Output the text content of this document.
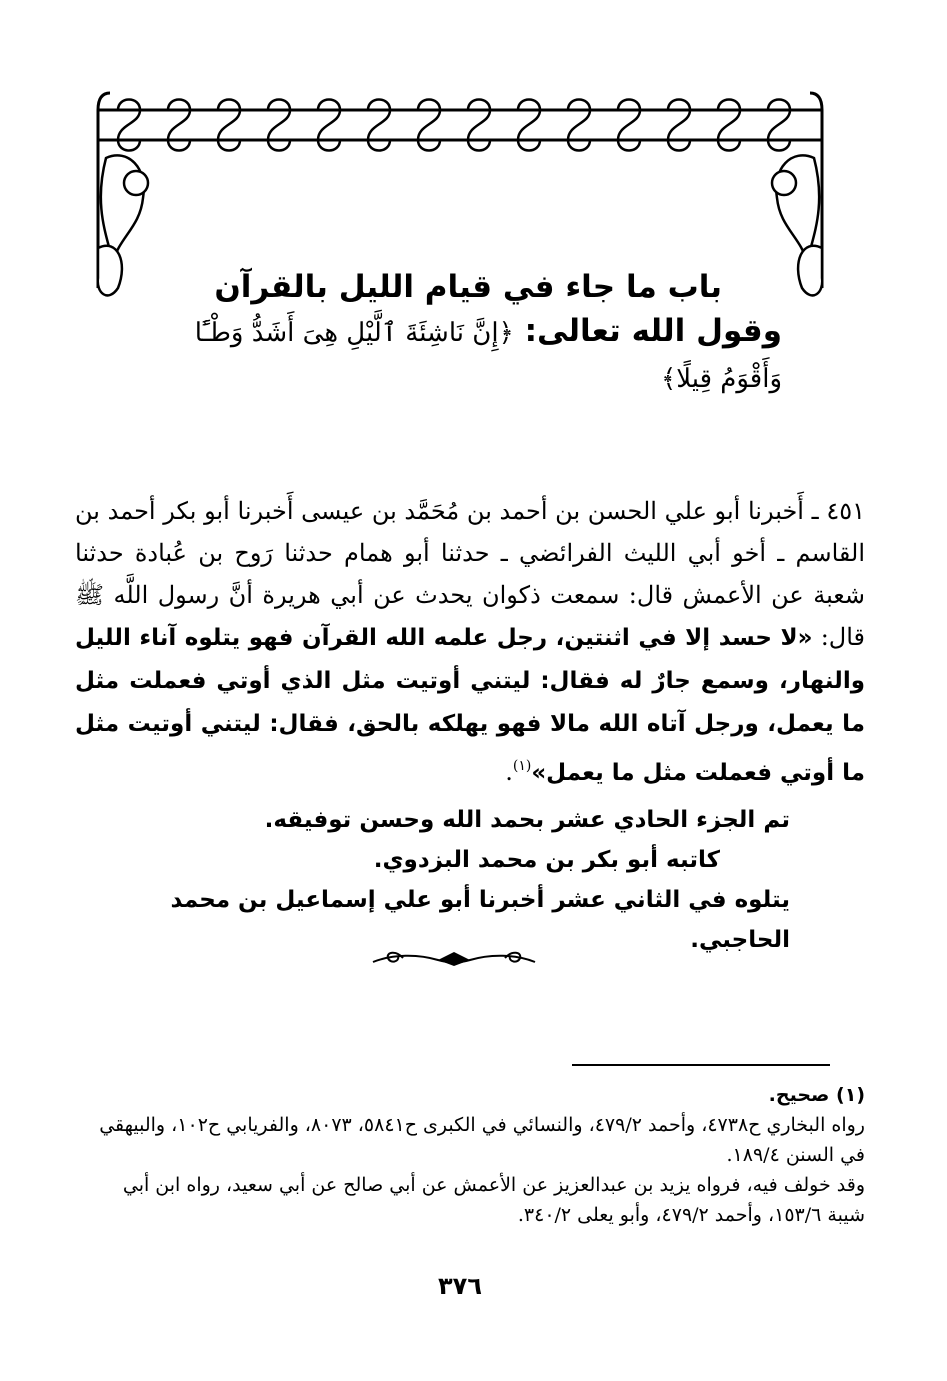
باب ما جاء في قيام الليل بالقرآن
وقول الله تعالى: ﴿إِنَّ نَاشِئَةَ ٱلَّيْلِ هِىَ أَشَدُّ وَطْـًٔا وَأَقْوَمُ قِيلًا﴾
٤٥١ ـ أَخبرنا أبو علي الحسن بن أحمد بن مُحَمَّد بن عيسى أَخبرنا أبو بكر أحمد بن القاسم ـ أخو أبي الليث الفرائضي ـ حدثنا أبو همام حدثنا رَوح بن عُبادة حدثنا شعبة عن الأعمش قال: سمعت ذكوان يحدث عن أبي هريرة أنَّ رسول اللَّه ﷺ قال: «لا حسد إلا في اثنتين، رجل علمه الله القرآن فهو يتلوه آناء الليل والنهار، وسمع جارٌ له فقال: ليتني أوتيت مثل الذي أوتي فعملت مثل ما يعمل، ورجل آتاه الله مالا فهو يهلكه بالحق، فقال: ليتني أوتيت مثل ما أوتي فعملت مثل ما يعمل»$^{(١)}$.
تم الجزء الحادي عشر بحمد الله وحسن توفيقه.
كاتبه أبو بكر بن محمد البزدوي.
يتلوه في الثاني عشر أخبرنا أبو علي إسماعيل بن محمد الحاجبي.
(١) صحيح.
رواه البخاري ح٤٧٣٨، وأحمد ٤٧٩/٢، والنسائي في الكبرى ح٥٨٤١، ٨٠٧٣، والفريابي ح١٠٢، والبيهقي في السنن ١٨٩/٤.
وقد خولف فيه، فرواه يزيد بن عبدالعزيز عن الأعمش عن أبي صالح عن أبي سعيد، رواه ابن أبي شيبة ١٥٣/٦، وأحمد ٤٧٩/٢، وأبو يعلى ٣٤٠/٢.
٣٧٦
